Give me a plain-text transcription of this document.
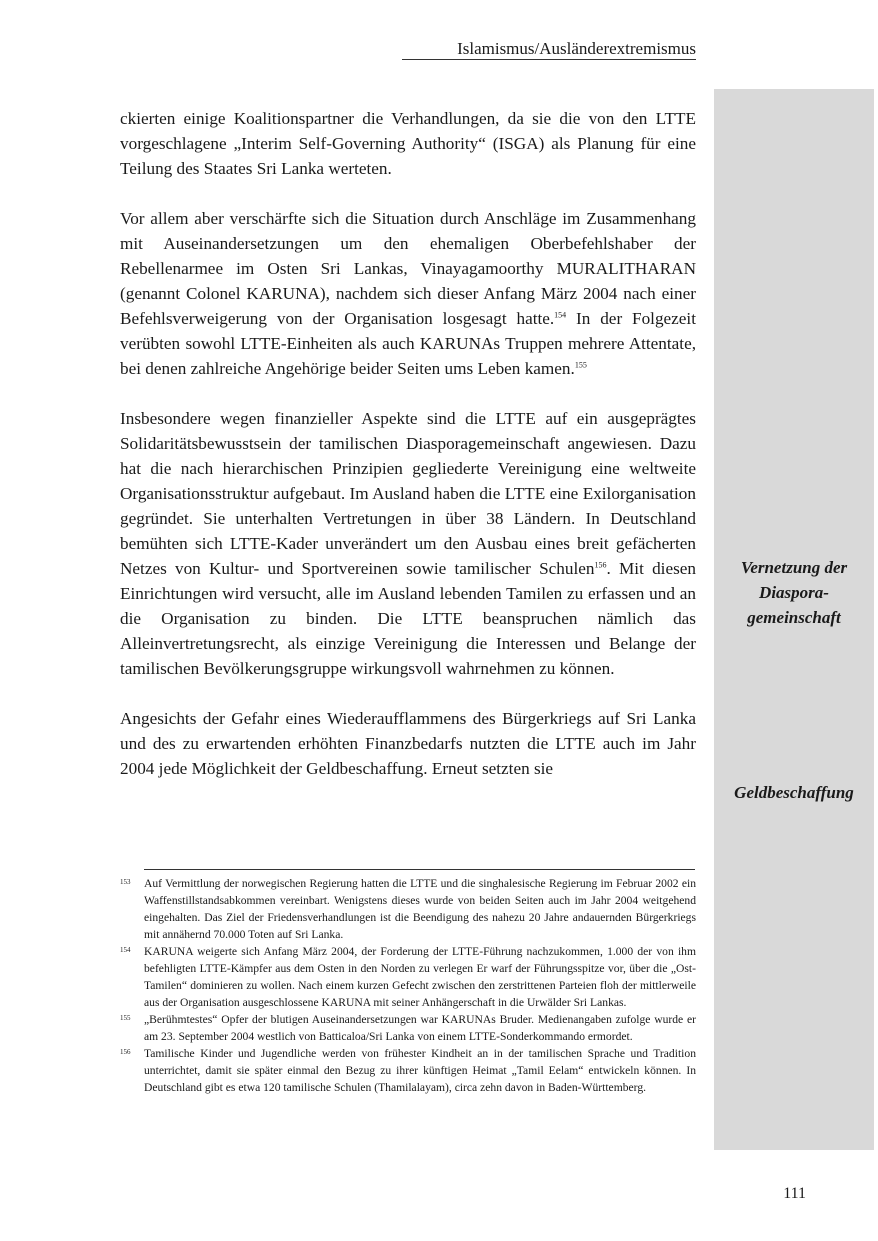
Islamismus/Ausländerextremismus
Vernetzung der
Diaspora-
gemeinschaft
Geldbeschaffung

ckierten einige Koalitionspartner die Verhandlungen, da sie die von den LTTE vorgeschlagene „Interim Self-Governing Authority“ (ISGA) als Planung für eine Teilung des Staates Sri Lanka werteten.

Vor allem aber verschärfte sich die Situation durch Anschläge im Zusammenhang mit Auseinandersetzungen um den ehemaligen Oberbefehlshaber der Rebellenarmee im Osten Sri Lankas, Vinayagamoorthy MURALITHARAN (genannt Colonel KARUNA), nachdem sich dieser Anfang März 2004 nach einer Befehlsverweigerung von der Organisation losgesagt hatte.$^{154}$ In der Folgezeit verübten sowohl LTTE-Einheiten als auch KARUNAs Truppen mehrere Attentate, bei denen zahlreiche Angehörige beider Seiten ums Leben kamen.$^{155}$

Insbesondere wegen finanzieller Aspekte sind die LTTE auf ein ausgeprägtes Solidaritätsbewusstsein der tamilischen Diasporagemeinschaft angewiesen. Dazu hat die nach hierarchischen Prinzipien gegliederte Vereinigung eine weltweite Organisationsstruktur aufgebaut. Im Ausland haben die LTTE eine Exilorganisation gegründet. Sie unterhalten Vertretungen in über 38 Ländern. In Deutschland bemühten sich LTTE-Kader unverändert um den Ausbau eines breit gefächerten Netzes von Kultur- und Sportvereinen sowie tamilischer Schulen$^{156}$. Mit diesen Einrichtungen wird versucht, alle im Ausland lebenden Tamilen zu erfassen und an die Organisation zu binden. Die LTTE beanspruchen nämlich das Alleinvertretungsrecht, als einzige Vereinigung die Interessen und Belange der tamilischen Bevölkerungsgruppe wirkungsvoll wahrnehmen zu können.

Angesichts der Gefahr eines Wiederaufflammens des Bürgerkriegs auf Sri Lanka und des zu erwartenden erhöhten Finanzbedarfs nutzten die LTTE auch im Jahr 2004 jede Möglichkeit der Geldbeschaffung. Erneut setzten sie

153 Auf Vermittlung der norwegischen Regierung hatten die LTTE und die singhalesische Regierung im Februar 2002 ein Waffenstillstandsabkommen vereinbart. Wenigstens dieses wurde von beiden Seiten auch im Jahr 2004 weitgehend eingehalten. Das Ziel der Friedensverhandlungen ist die Beendigung des nahezu 20 Jahre andauernden Bürgerkriegs mit annähernd 70.000 Toten auf Sri Lanka.
154 KARUNA weigerte sich Anfang März 2004, der Forderung der LTTE-Führung nachzukommen, 1.000 der von ihm befehligten LTTE-Kämpfer aus dem Osten in den Norden zu verlegen Er warf der Führungsspitze vor, über die „Ost-Tamilen“ dominieren zu wollen. Nach einem kurzen Gefecht zwischen den zerstrittenen Parteien floh der mittlerweile aus der Organisation ausgeschlossene KARUNA mit seiner Anhängerschaft in die Urwälder Sri Lankas.
155 „Berühmtestes“ Opfer der blutigen Auseinandersetzungen war KARUNAs Bruder. Medienangaben zufolge wurde er am 23. September 2004 westlich von Batticaloa/Sri Lanka von einem LTTE-Sonderkommando ermordet.
156 Tamilische Kinder und Jugendliche werden von frühester Kindheit an in der tamilischen Sprache und Tradition unterrichtet, damit sie später einmal den Bezug zu ihrer künftigen Heimat „Tamil Eelam“ entwickeln können. In Deutschland gibt es etwa 120 tamilische Schulen (Thamilalayam), circa zehn davon in Baden-Württemberg.
111
